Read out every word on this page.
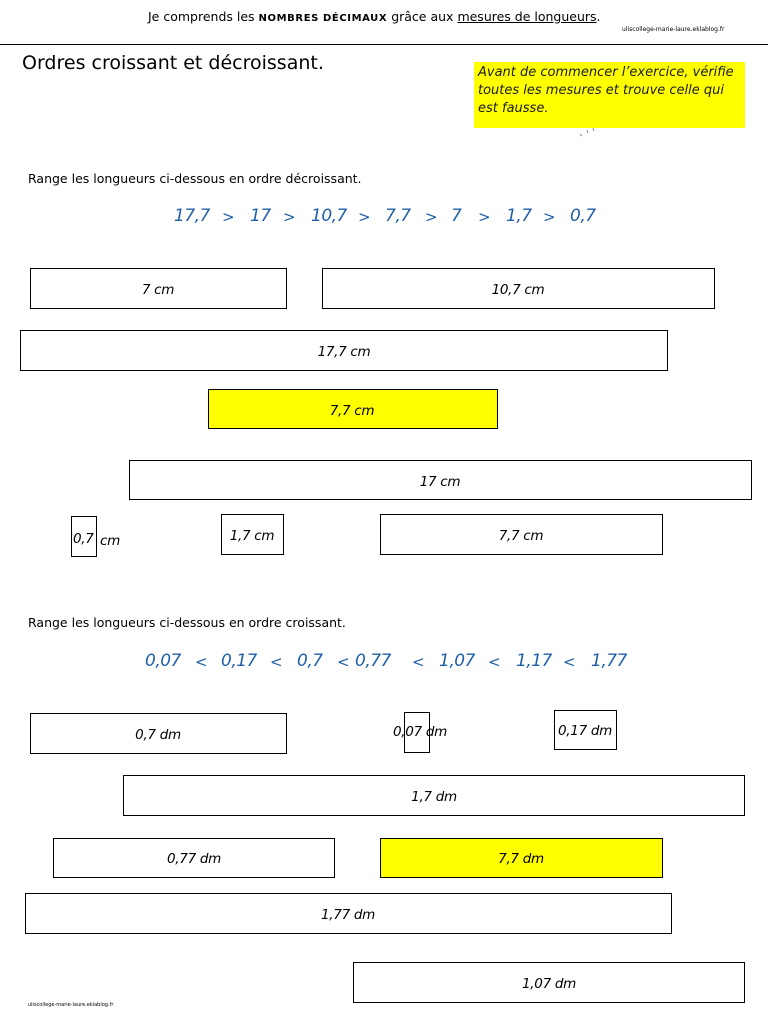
Je comprends les NOMBRES DÉCIMAUX grâce aux mesures de longueurs.
uliscollege-marie-laure.eklablog.fr
Ordres croissant et décroissant.	Avant de commencer l’exercice, vérifie toutes les mesures et trouve celle qui est fausse.
Range les longueurs ci-dessous en ordre décroissant.
17,7 > 17 > 10,7 > 7,7 > 7 > 1,7 > 0,7
7 cm	10,7 cm
17,7 cm
7,7 cm
17 cm
0,7 cm	1,7 cm	7,7 cm
Range les longueurs ci-dessous en ordre croissant.
0,07 < 0,17 < 0,7 < 0,77 < 1,07 < 1,17 < 1,77
0,7 dm	0,07 dm	0,17 dm
1,7 dm
0,77 dm	7,7 dm
1,77 dm
1,07 dm
uliscollege-marie-laure.eklablog.fr
